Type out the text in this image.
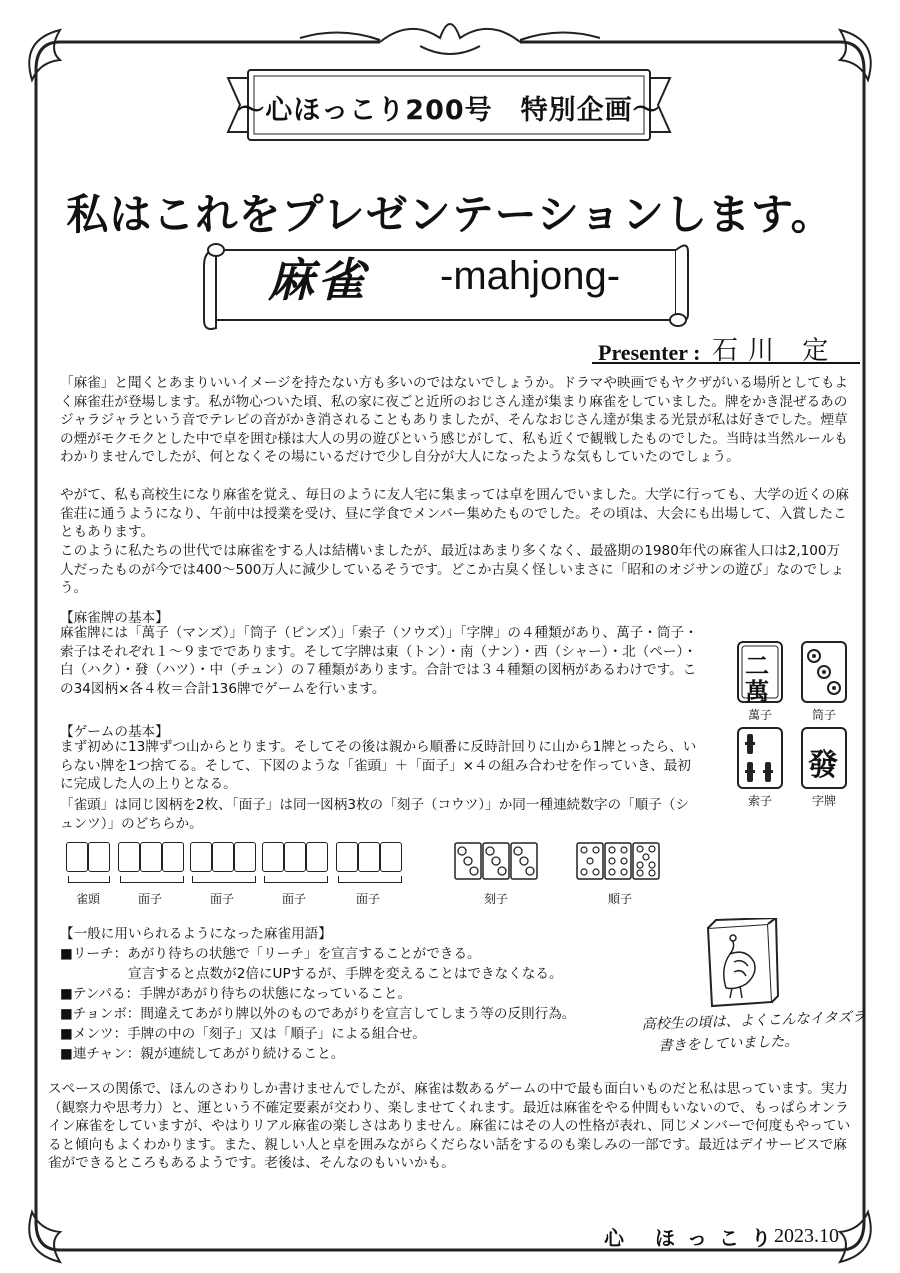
〜心ほっこり200号　特別企画〜
私はこれをプレゼンテーションします。
麻雀 -mahjong-
Presenter : 石川 定

「麻雀」と聞くとあまりいいイメージを持たない方も多いのではないでしょうか。ドラマや映画でもヤクザがいる場所としてもよく麻雀荘が登場します。私が物心ついた頃、私の家に夜ごと近所のおじさん達が集まり麻雀をしていました。牌をかき混ぜるあのジャラジャラという音でテレビの音がかき消されることもありましたが、そんなおじさん達が集まる光景が私は好きでした。煙草の煙がモクモクとした中で卓を囲む様は大人の男の遊びという感じがして、私も近くで観戦したものでした。当時は当然ルールもわかりませんでしたが、何となくその場にいるだけで少し自分が大人になったような気もしていたのでしょう。

やがて、私も高校生になり麻雀を覚え、毎日のように友人宅に集まっては卓を囲んでいました。大学に行っても、大学の近くの麻雀荘に通うようになり、午前中は授業を受け、昼に学食でメンバー集めたものでした。その頃は、大会にも出場して、入賞したこともあります。

このように私たちの世代では麻雀をする人は結構いましたが、最近はあまり多くなく、最盛期の1980年代の麻雀人口は2,100万人だったものが今では400〜500万人に減少しているそうです。どこか古臭く怪しいまさに「昭和のオジサンの遊び」なのでしょう。

【麻雀牌の基本】

麻雀牌には「萬子（マンズ）」「筒子（ピンズ）」「索子（ソウズ）」「字牌」の４種類があり、萬子・筒子・索子はそれぞれ１〜９までであります。そして字牌は東（トン）・南（ナン）・西（シャー）・北（ペー）・白（ハク）・發（ハツ）・中（チュン）の７種類があります。合計では３４種類の図柄があるわけです。この34図柄×各４枚＝合計136牌でゲームを行います。

二
萬
萬子	筒子
發
索子	字牌

【ゲームの基本】

まず初めに13牌ずつ山からとります。そしてその後は親から順番に反時計回りに山から1牌とったら、いらない牌を1つ捨てる。そして、下図のような「雀頭」＋「面子」×４の組み合わせを作っていき、最初に完成した人の上りとなる。

「雀頭」は同じ図柄を2枚、「面子」は同一図柄3枚の「刻子（コウツ）」か同一種連続数字の「順子（シュンツ）」のどちらか。

雀頭	面子	面子	面子	面子	刻子	順子

【一般に用いられるようになった麻雀用語】

■リーチ：あがり待ちの状態で「リーチ」を宣言することができる。

　　　　　宣言すると点数が2倍にUPするが、手牌を変えることはできなくなる。

■テンパる：手牌があがり待ちの状態になっていること。

■チョンボ：間違えてあがり牌以外のものであがりを宣言してしまう等の反則行為。

■メンツ：手牌の中の「刻子」又は「順子」による組合せ。

■連チャン：親が連続してあがり続けること。

高校生の頃は、よくこんなイタズラ
書きをしていました。

スペースの関係で、ほんのさわりしか書けませんでしたが、麻雀は数あるゲームの中で最も面白いものだと私は思っています。実力（観察力や思考力）と、運という不確定要素が交わり、楽しませてくれます。最近は麻雀をやる仲間もいないので、もっぱらオンライン麻雀をしていますが、やはりリアル麻雀の楽しさはありません。麻雀にはその人の性格が表れ、同じメンバーで何度もやっていると傾向もよくわかります。また、親しい人と卓を囲みながらくだらない話をするのも楽しみの一部です。最近はデイサービスで麻雀ができるところもあるようです。老後は、そんなのもいいかも。

心 ほっこり
2023.10
